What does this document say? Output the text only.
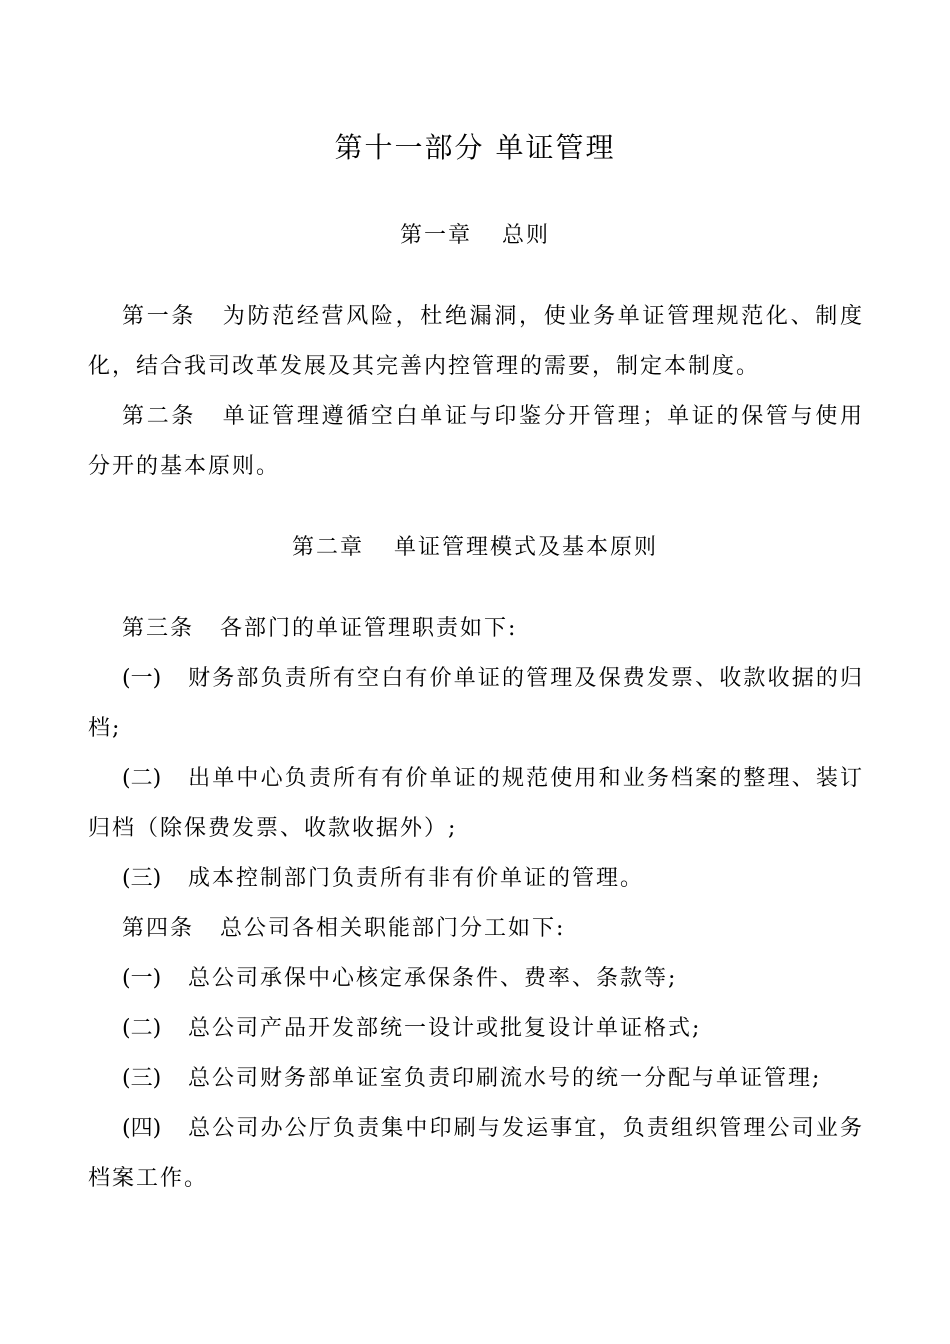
第十一部分 单证管理
第一章 总则
第一条 为防范经营风险，杜绝漏洞，使业务单证管理规范化、制度化，结合我司改革发展及其完善内控管理的需要，制定本制度。
第二条 单证管理遵循空白单证与印鉴分开管理；单证的保管与使用分开的基本原则。
第二章 单证管理模式及基本原则
第三条 各部门的单证管理职责如下:
(一) 财务部负责所有空白有价单证的管理及保费发票、收款收据的归档;
(二) 出单中心负责所有有价单证的规范使用和业务档案的整理、装订归档（除保费发票、收款收据外）;
(三) 成本控制部门负责所有非有价单证的管理。
第四条 总公司各相关职能部门分工如下:
(一) 总公司承保中心核定承保条件、费率、条款等;
(二) 总公司产品开发部统一设计或批复设计单证格式;
(三) 总公司财务部单证室负责印刷流水号的统一分配与单证管理;
(四) 总公司办公厅负责集中印刷与发运事宜，负责组织管理公司业务档案工作。
